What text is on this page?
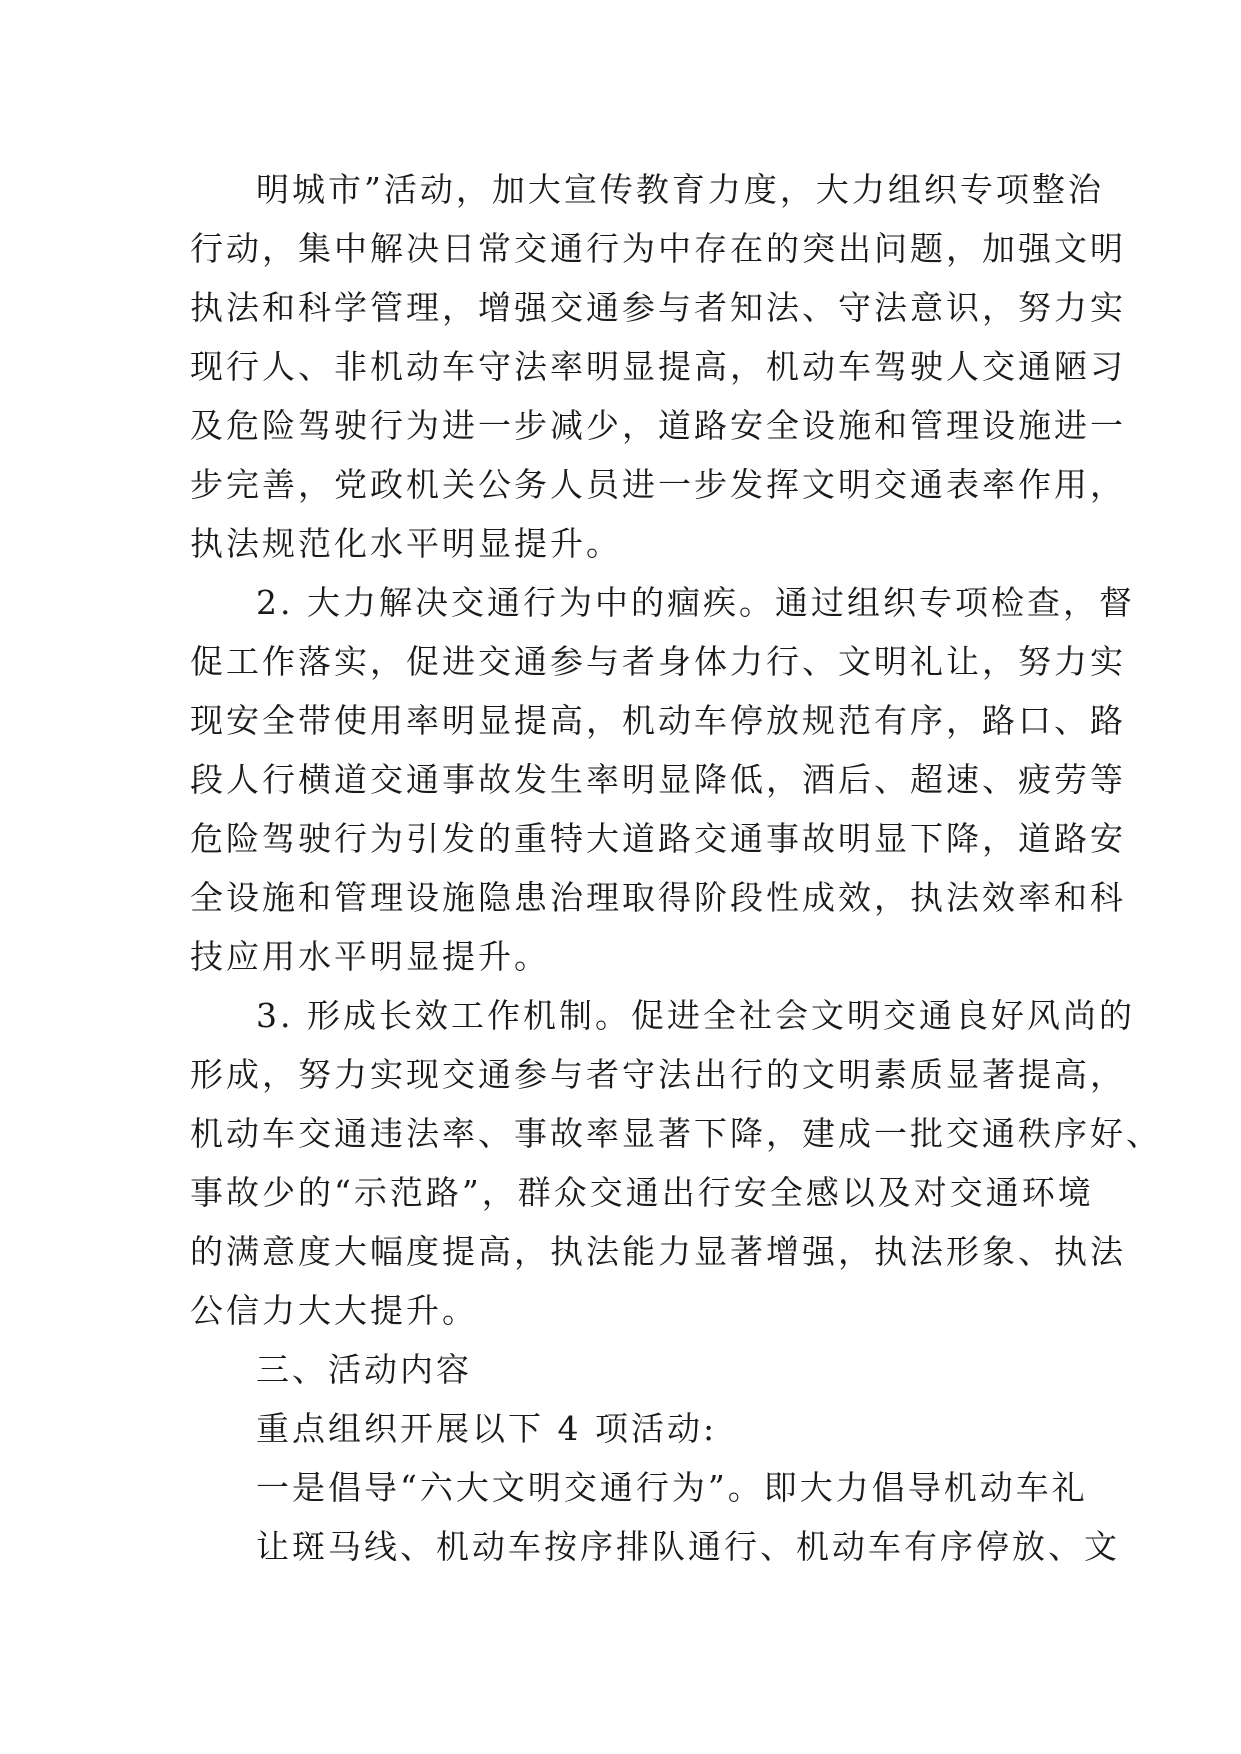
明城市”活动，加大宣传教育力度，大力组织专项整治
行动，集中解决日常交通行为中存在的突出问题，加强文明
执法和科学管理，增强交通参与者知法、守法意识，努力实
现行人、非机动车守法率明显提高，机动车驾驶人交通陋习
及危险驾驶行为进一步减少，道路安全设施和管理设施进一
步完善，党政机关公务人员进一步发挥文明交通表率作用，
执法规范化水平明显提升。
2. 大力解决交通行为中的痼疾。通过组织专项检查，督
促工作落实，促进交通参与者身体力行、文明礼让，努力实
现安全带使用率明显提高，机动车停放规范有序，路口、路
段人行横道交通事故发生率明显降低，酒后、超速、疲劳等
危险驾驶行为引发的重特大道路交通事故明显下降，道路安
全设施和管理设施隐患治理取得阶段性成效，执法效率和科
技应用水平明显提升。
3. 形成长效工作机制。促进全社会文明交通良好风尚的
形成，努力实现交通参与者守法出行的文明素质显著提高，
机动车交通违法率、事故率显著下降，建成一批交通秩序好、
事故少的“示范路”，群众交通出行安全感以及对交通环境
的满意度大幅度提高，执法能力显著增强，执法形象、执法
公信力大大提升。
三、活动内容
重点组织开展以下 4 项活动:
一是倡导“六大文明交通行为”。即大力倡导机动车礼
让斑马线、机动车按序排队通行、机动车有序停放、文
